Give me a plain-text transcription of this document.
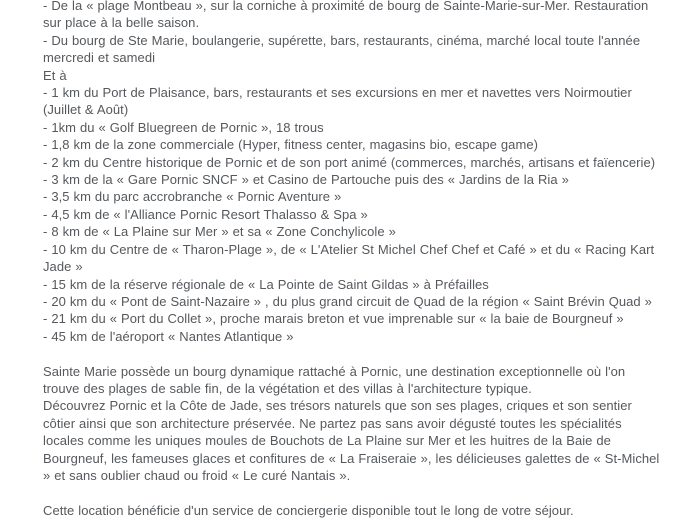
- De la « plage Montbeau », sur la corniche à proximité de bourg de Sainte-Marie-sur-Mer. Restauration sur place à la belle saison.
- Du bourg de Ste Marie, boulangerie, supérette, bars, restaurants, cinéma, marché local toute l'année mercredi et samedi
Et à
- 1 km du Port de Plaisance, bars, restaurants et ses excursions en mer et navettes vers Noirmoutier (Juillet & Août)
- 1km du « Golf Bluegreen de Pornic », 18 trous
- 1,8 km de la zone commerciale (Hyper, fitness center, magasins bio, escape game)
- 2 km du Centre historique de Pornic et de son port animé (commerces, marchés, artisans et faïencerie)
- 3 km de la « Gare Pornic SNCF » et Casino de Partouche puis des « Jardins de la Ria »
- 3,5 km du parc accrobranche « Pornic Aventure »
- 4,5 km de « l'Alliance Pornic Resort Thalasso & Spa »
- 8 km de « La Plaine sur Mer » et sa « Zone Conchylicole »
- 10 km du Centre de « Tharon-Plage », de « L'Atelier St Michel Chef Chef et Café » et du « Racing Kart Jade »
- 15 km de la réserve régionale de « La Pointe de Saint Gildas » à Préfailles
- 20 km du « Pont de Saint-Nazaire » , du plus grand circuit de Quad de la région « Saint Brévin Quad »
- 21 km du « Port du Collet », proche marais breton et vue imprenable sur « la baie de Bourgneuf »
- 45 km de l'aéroport « Nantes Atlantique »
Sainte Marie possède un bourg dynamique rattaché à Pornic, une destination exceptionnelle où l'on trouve des plages de sable fin, de la végétation et des villas à l'architecture typique.
Découvrez Pornic et la Côte de Jade, ses trésors naturels que son ses plages, criques et son sentier côtier ainsi que son architecture préservée. Ne partez pas sans avoir dégusté toutes les spécialités locales comme les uniques moules de Bouchots de La Plaine sur Mer et les huitres de la Baie de Bourgneuf, les fameuses glaces et confitures de « La Fraiseraie », les délicieuses galettes de « St-Michel » et sans oublier chaud ou froid « Le curé Nantais ».
Cette location bénéficie d'un service de conciergerie disponible tout le long de votre séjour.
